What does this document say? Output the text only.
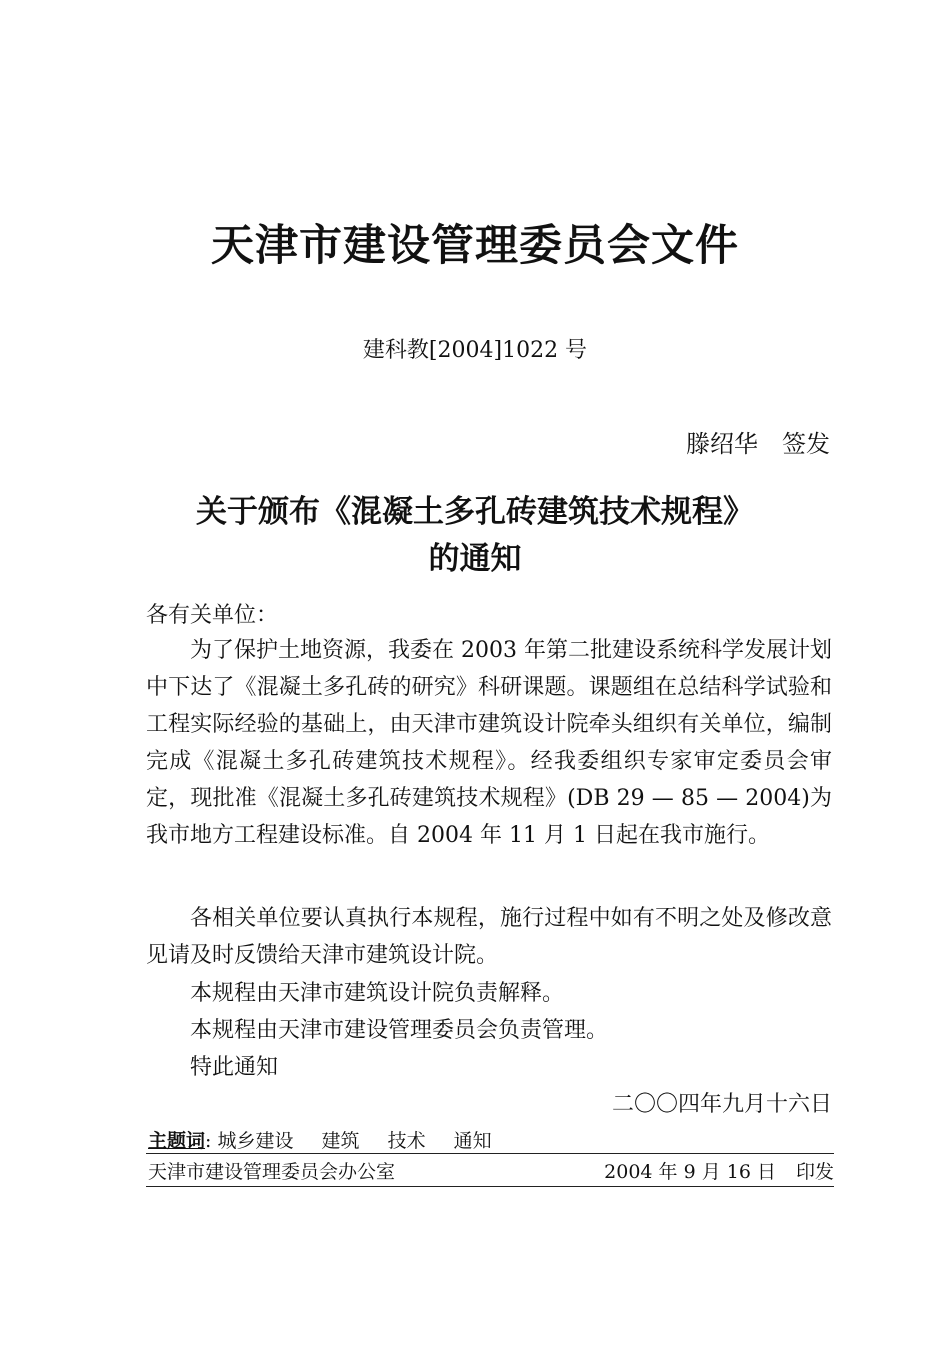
天津市建设管理委员会文件
建科教[2004]1022 号
滕绍华 签发
关于颁布《混凝土多孔砖建筑技术规程》
的通知
各有关单位：
为了保护土地资源，我委在 2003 年第二批建设系统科学发展计划中下达了《混凝土多孔砖的研究》科研课题。课题组在总结科学试验和工程实际经验的基础上，由天津市建筑设计院牵头组织有关单位，编制完成《混凝土多孔砖建筑技术规程》。经我委组织专家审定委员会审定，现批准《混凝土多孔砖建筑技术规程》(DB 29 — 85 — 2004)为我市地方工程建设标准。自 2004 年 11 月 1 日起在我市施行。
各相关单位要认真执行本规程，施行过程中如有不明之处及修改意见请及时反馈给天津市建筑设计院。
本规程由天津市建筑设计院负责解释。
本规程由天津市建设管理委员会负责管理。
特此通知
二〇〇四年九月十六日
主题词: 城乡建设 建筑 技术 通知
天津市建设管理委员会办公室	2004 年 9 月 16 日 印发
